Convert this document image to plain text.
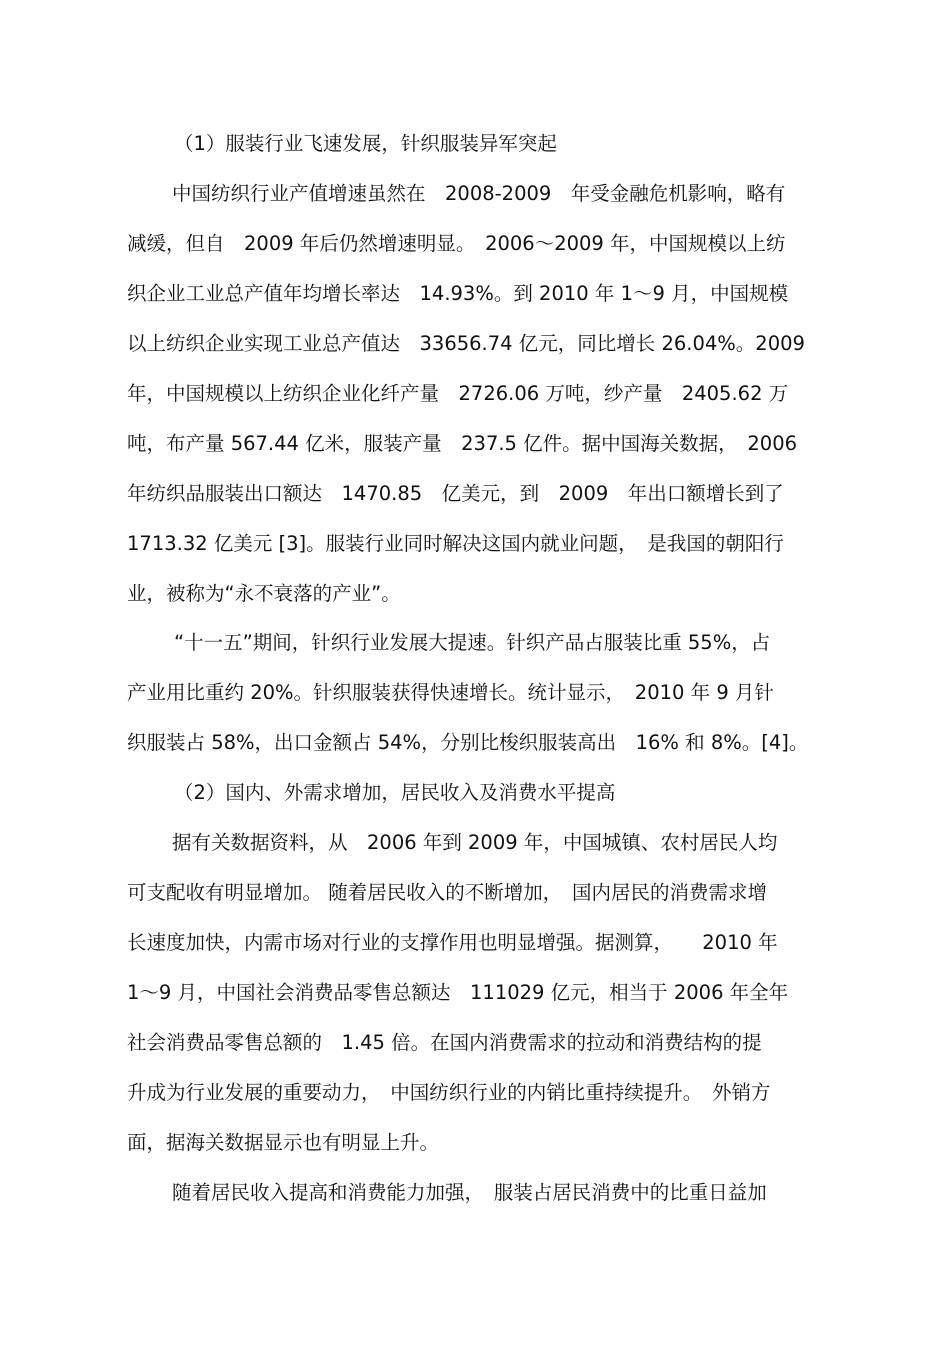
（1）服装行业飞速发展，针织服装异军突起

中国纺织行业产值增速虽然在　2008-2009　年受金融危机影响，略有

减缓，但自　2009 年后仍然增速明显。　2006～2009 年，中国规模以上纺

织企业工业总产值年均增长率达　14.93%。到 2010 年 1～9 月，中国规模

以上纺织企业实现工业总产值达　33656.74 亿元，同比增长 26.04%。2009

年，中国规模以上纺织企业化纤产量　2726.06 万吨，纱产量　2405.62 万

吨，布产量 567.44 亿米，服装产量　237.5 亿件。据中国海关数据，　2006

年纺织品服装出口额达　1470.85　亿美元，到　2009　年出口额增长到了

1713.32 亿美元 [3]。服装行业同时解决这国内就业问题，　是我国的朝阳行

业，被称为“永不衰落的产业”。

“十一五”期间，针织行业发展大提速。针织产品占服装比重 55%，占

产业用比重约 20%。针织服装获得快速增长。统计显示，　2010 年 9 月针

织服装占 58%，出口金额占 54%，分别比梭织服装高出　16% 和 8%。[4]。

（2）国内、外需求增加，居民收入及消费水平提高

据有关数据资料，从　2006 年到 2009 年，中国城镇、农村居民人均

可支配收有明显增加。 随着居民收入的不断增加，　国内居民的消费需求增

长速度加快，内需市场对行业的支撑作用也明显增强。据测算，　　2010 年

1～9 月，中国社会消费品零售总额达　111029 亿元，相当于 2006 年全年

社会消费品零售总额的　1.45 倍。在国内消费需求的拉动和消费结构的提

升成为行业发展的重要动力，　中国纺织行业的内销比重持续提升。　外销方

面，据海关数据显示也有明显上升。

随着居民收入提高和消费能力加强，　服装占居民消费中的比重日益加
